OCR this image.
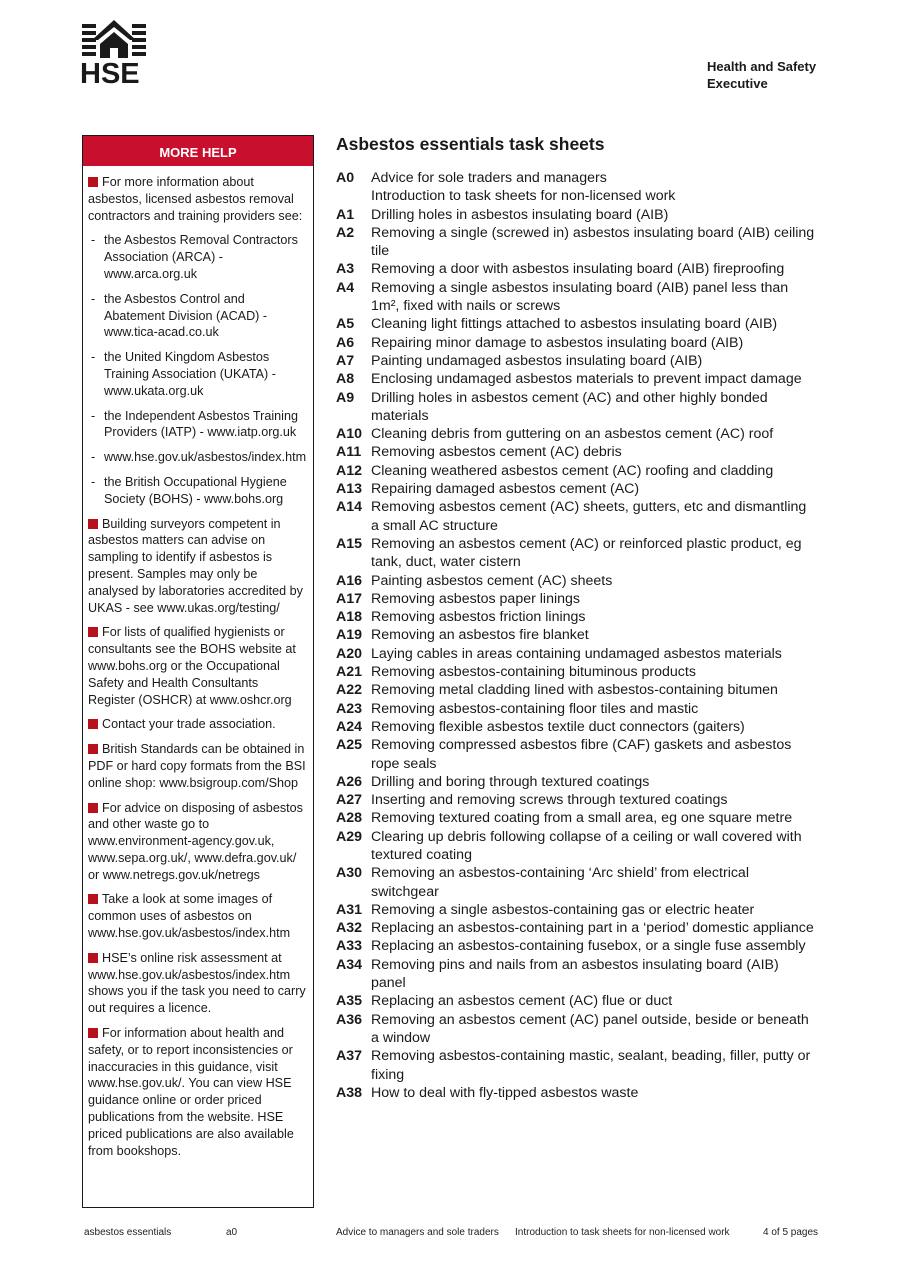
HSE	Health and Safety
Executive
MORE HELP

For more information about asbestos, licensed asbestos removal contractors and training providers see:

- the Asbestos Removal Contractors Association (ARCA) - www.arca.org.uk
- the Asbestos Control and Abatement Division (ACAD) - www.tica-acad.co.uk
- the United Kingdom Asbestos Training Association (UKATA) - www.ukata.org.uk
- the Independent Asbestos Training Providers (IATP) - www.iatp.org.uk
- www.hse.gov.uk/asbestos/index.htm
- the British Occupational Hygiene Society (BOHS) - www.bohs.org

Building surveyors competent in asbestos matters can advise on sampling to identify if asbestos is present. Samples may only be analysed by laboratories accredited by UKAS - see www.ukas.org/testing/

For lists of qualified hygienists or consultants see the BOHS website at www.bohs.org or the Occupational Safety and Health Consultants Register (OSHCR) at www.oshcr.org

Contact your trade association.

British Standards can be obtained in PDF or hard copy formats from the BSI online shop: www.bsigroup.com/Shop

For advice on disposing of asbestos and other waste go to www.environment-agency.gov.uk, www.sepa.org.uk/, www.defra.gov.uk/ or www.netregs.gov.uk/netregs

Take a look at some images of common uses of asbestos on www.hse.gov.uk/asbestos/index.htm

HSE’s online risk assessment at www.hse.gov.uk/asbestos/index.htm shows you if the task you need to carry out requires a licence.

For information about health and safety, or to report inconsistencies or inaccuracies in this guidance, visit www.hse.gov.uk/. You can view HSE guidance online or order priced publications from the website. HSE priced publications are also available from bookshops.

Asbestos essentials task sheets
A0	Advice for sole traders and managers
Introduction to task sheets for non-licensed work
A1	Drilling holes in asbestos insulating board (AIB)
A2	Removing a single (screwed in) asbestos insulating board (AIB) ceiling tile
A3	Removing a door with asbestos insulating board (AIB) fireproofing
A4	Removing a single asbestos insulating board (AIB) panel less than 1m², fixed with nails or screws
A5	Cleaning light fittings attached to asbestos insulating board (AIB)
A6	Repairing minor damage to asbestos insulating board (AIB)
A7	Painting undamaged asbestos insulating board (AIB)
A8	Enclosing undamaged asbestos materials to prevent impact damage
A9	Drilling holes in asbestos cement (AC) and other highly bonded materials
A10 Cleaning debris from guttering on an asbestos cement (AC) roof
A11 Removing asbestos cement (AC) debris
A12 Cleaning weathered asbestos cement (AC) roofing and cladding
A13 Repairing damaged asbestos cement (AC)
A14 Removing asbestos cement (AC) sheets, gutters, etc and dismantling a small AC structure
A15 Removing an asbestos cement (AC) or reinforced plastic product, eg tank, duct, water cistern
A16 Painting asbestos cement (AC) sheets
A17 Removing asbestos paper linings
A18 Removing asbestos friction linings
A19 Removing an asbestos fire blanket
A20 Laying cables in areas containing undamaged asbestos materials
A21 Removing asbestos-containing bituminous products
A22 Removing metal cladding lined with asbestos-containing bitumen
A23 Removing asbestos-containing floor tiles and mastic
A24 Removing flexible asbestos textile duct connectors (gaiters)
A25 Removing compressed asbestos fibre (CAF) gaskets and asbestos rope seals
A26 Drilling and boring through textured coatings
A27 Inserting and removing screws through textured coatings
A28 Removing textured coating from a small area, eg one square metre
A29 Clearing up debris following collapse of a ceiling or wall covered with textured coating
A30 Removing an asbestos-containing ‘Arc shield’ from electrical switchgear
A31 Removing a single asbestos-containing gas or electric heater
A32 Replacing an asbestos-containing part in a ‘period’ domestic appliance
A33 Replacing an asbestos-containing fusebox, or a single fuse assembly
A34 Removing pins and nails from an asbestos insulating board (AIB) panel
A35 Replacing an asbestos cement (AC) flue or duct
A36 Removing an asbestos cement (AC) panel outside, beside or beneath a window
A37 Removing asbestos-containing mastic, sealant, beading, filler, putty or fixing
A38 How to deal with fly-tipped asbestos waste
asbestos essentials	a0	Advice to managers and sole traders Introduction to task sheets for non-licensed work	4 of 5 pages
